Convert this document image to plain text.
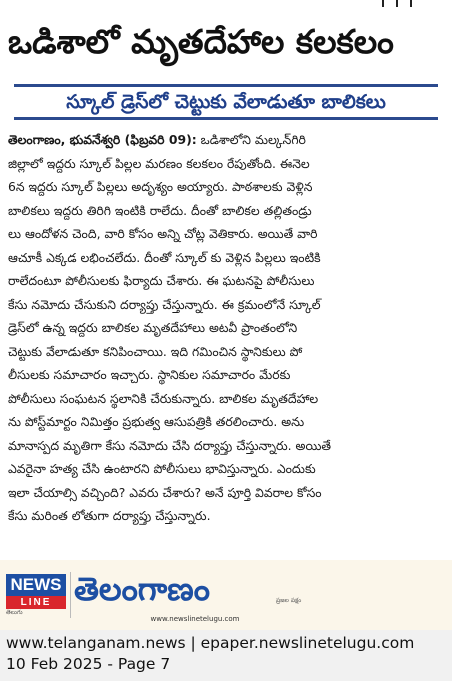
ఒడిశాలో మృతదేహాల కలకలం
స్కూల్ డ్రెస్‌లో చెట్టుకు వేలాడుతూ బాలికలు
తెలంగాణం, భువనేశ్వరి (ఫిబ్రవరి 09): ఒడిశాలోని మల్కన్‌గిరి
జిల్లాలో ఇద్దరు స్కూల్ పిల్లల మరణం కలకలం రేపుతోంది. ఈనెల
6న ఇద్దరు స్కూల్ పిల్లలు అదృశ్యం అయ్యారు. పాఠశాలకు వెళ్లిన
బాలికలు ఇద్దరు తిరిగి ఇంటికి రాలేదు. దీంతో బాలికల తల్లితండ్రు
లు ఆందోళన చెంది, వారి కోసం అన్ని చోట్ల వెతికారు. అయితే వారి
ఆచూకీ ఎక్కడ లభించలేదు. దీంతో స్కూల్ కు వెళ్లిన పిల్లలు ఇంటికి
రాలేదంటూ పోలీసులకు ఫిర్యాదు చేశారు. ఈ ఘటనపై పోలీసులు
కేసు నమోదు చేసుకుని దర్యాప్తు చేస్తున్నారు. ఈ క్రమంలోనే స్కూల్
డ్రెస్‌లో ఉన్న ఇద్దరు బాలికల మృతదేహాలు అటవీ ప్రాంతంలోని
చెట్టుకు వేలాడుతూ కనిపించాయి. ఇది గమించిన స్థానికులు పో
లీసులకు సమాచారం ఇచ్చారు. స్థానికుల సమాచారం మేరకు
పోలీసులు సంఘటన స్థలానికి చేరుకున్నారు. బాలికల మృతదేహాల
ను పోస్ట్‌మార్టం నిమిత్తం ప్రభుత్వ ఆసుపత్రికి తరలించారు. అను
మానాస్పద మృతిగా కేసు నమోదు చేసి దర్యాప్తు చేస్తున్నారు. అయితే
ఎవరైనా హత్య చేసి ఉంటారని పోలీసులు భావిస్తున్నారు. ఎందుకు
ఇలా చేయాల్సి వచ్చింది? ఎవరు చేశారు? అనే పూర్తి వివరాల కోసం
కేసు మరింత లోతుగా దర్యాప్తు చేస్తున్నారు.
NEWS
LINE
తెలుగు
తెలంగాణం	ప్రజల పక్షం
www.newslinetelugu.com
www.telanganam.news | epaper.newslinetelugu.com
10 Feb 2025 - Page 7
